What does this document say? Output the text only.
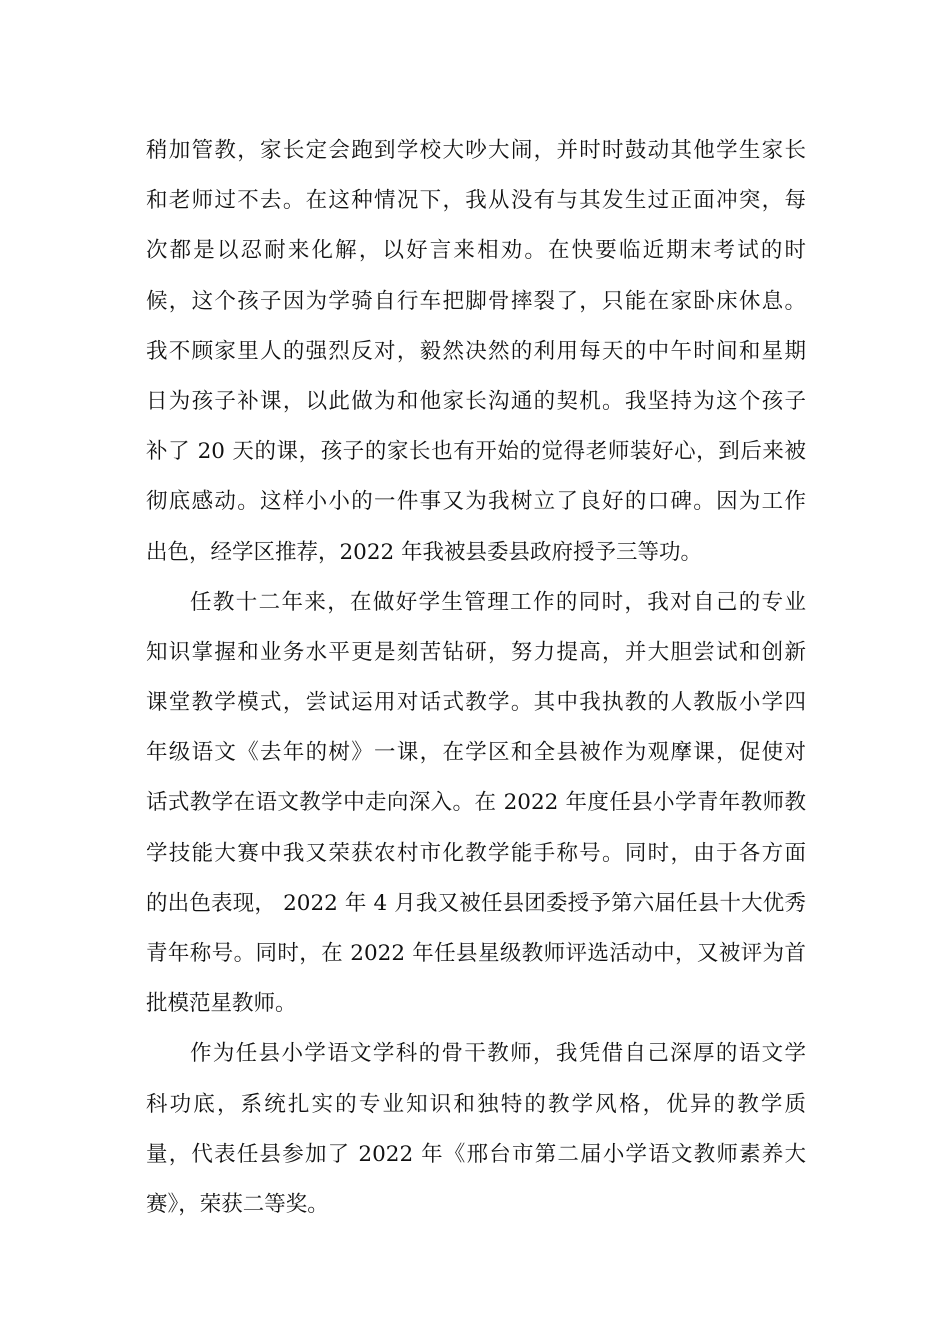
稍加管教，家长定会跑到学校大吵大闹，并时时鼓动其他学生家长
和老师过不去。在这种情况下，我从没有与其发生过正面冲突，每
次都是以忍耐来化解，以好言来相劝。在快要临近期末考试的时
候，这个孩子因为学骑自行车把脚骨摔裂了，只能在家卧床休息。
我不顾家里人的强烈反对，毅然决然的利用每天的中午时间和星期
日为孩子补课，以此做为和他家长沟通的契机。我坚持为这个孩子
补了 20 天的课，孩子的家长也有开始的觉得老师装好心，到后来被
彻底感动。这样小小的一件事又为我树立了良好的口碑。因为工作
出色，经学区推荐，2022 年我被县委县政府授予三等功。
任教十二年来，在做好学生管理工作的同时，我对自己的专业
知识掌握和业务水平更是刻苦钻研，努力提高，并大胆尝试和创新
课堂教学模式，尝试运用对话式教学。其中我执教的人教版小学四
年级语文《去年的树》一课，在学区和全县被作为观摩课，促使对
话式教学在语文教学中走向深入。在 2022 年度任县小学青年教师教
学技能大赛中我又荣获农村市化教学能手称号。同时，由于各方面
的出色表现， 2022 年 4 月我又被任县团委授予第六届任县十大优秀
青年称号。同时，在 2022 年任县星级教师评选活动中，又被评为首
批模范星教师。
作为任县小学语文学科的骨干教师，我凭借自己深厚的语文学
科功底，系统扎实的专业知识和独特的教学风格，优异的教学质
量，代表任县参加了 2022 年《邢台市第二届小学语文教师素养大
赛》，荣获二等奖。
